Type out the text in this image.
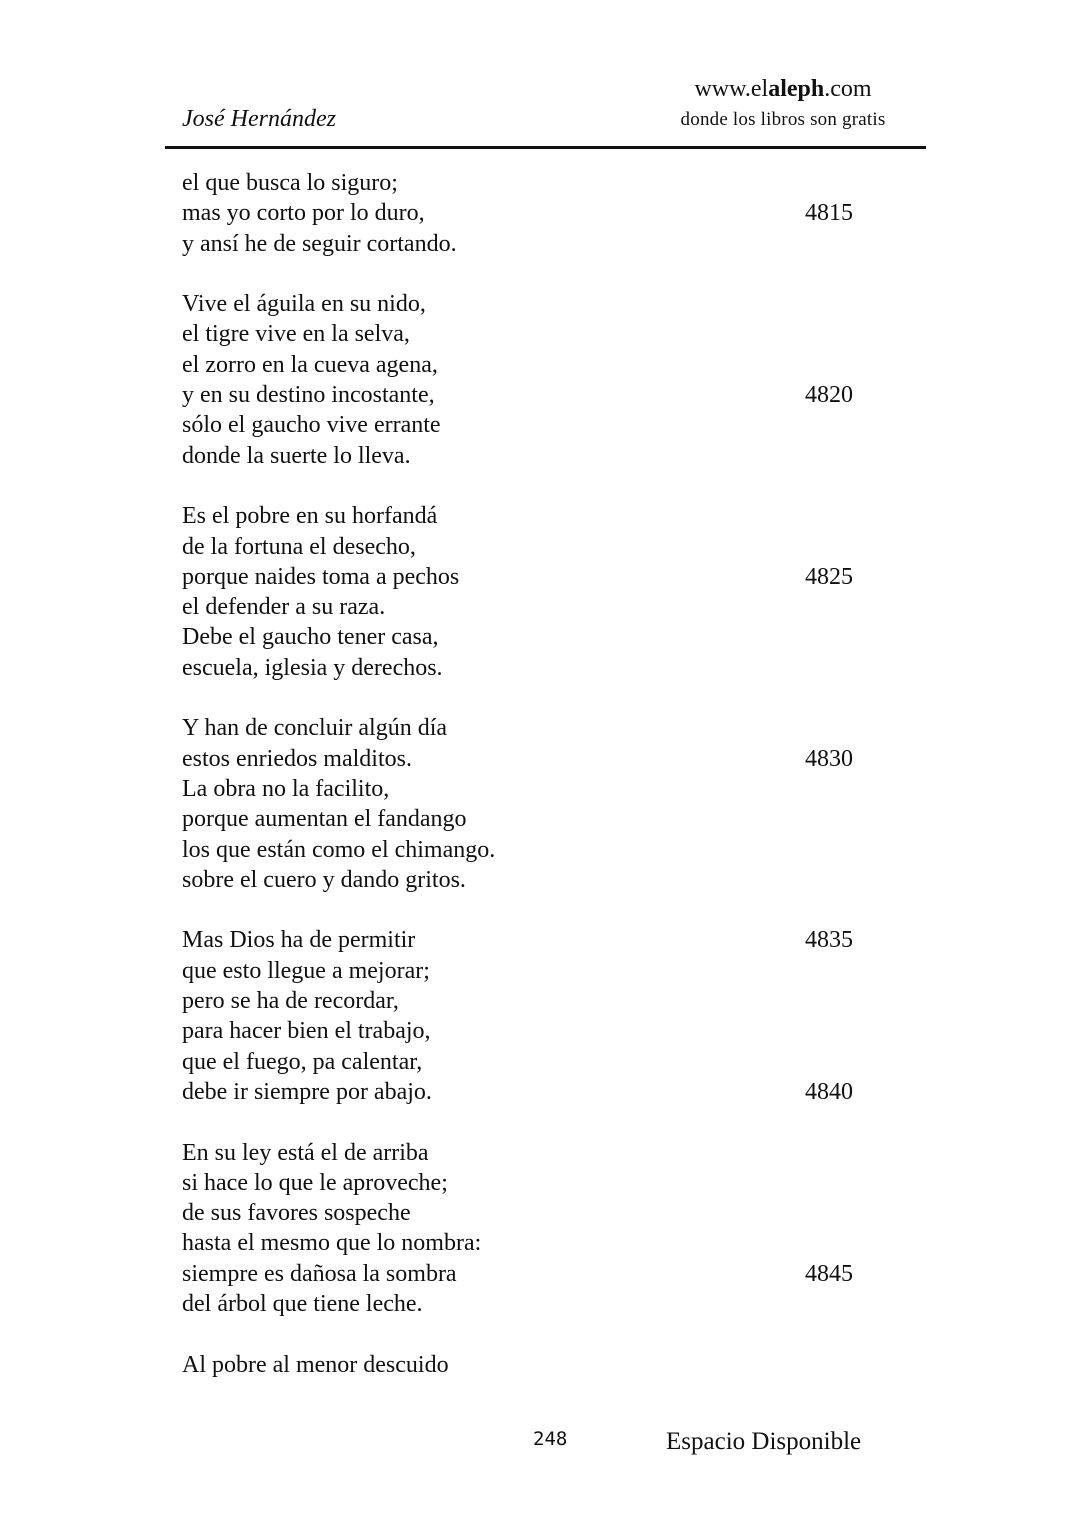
José Hernández
www.elaleph.com
donde los libros son gratis
el que busca lo siguro;
mas yo corto por lo duro,	4815
y ansí he de seguir cortando.
Vive el águila en su nido,
el tigre vive en la selva,
el zorro en la cueva agena,
y en su destino incostante,	4820
sólo el gaucho vive errante
donde la suerte lo lleva.
Es el pobre en su horfandá
de la fortuna el desecho,
porque naides toma a pechos	4825
el defender a su raza.
Debe el gaucho tener casa,
escuela, iglesia y derechos.
Y han de concluir algún día
estos enriedos malditos.	4830
La obra no la facilito,
porque aumentan el fandango
los que están como el chimango.
sobre el cuero y dando gritos.
Mas Dios ha de permitir	4835
que esto llegue a mejorar;
pero se ha de recordar,
para hacer bien el trabajo,
que el fuego, pa calentar,
debe ir siempre por abajo.	4840
En su ley está el de arriba
si hace lo que le aproveche;
de sus favores sospeche
hasta el mesmo que lo nombra:
siempre es dañosa la sombra	4845
del árbol que tiene leche.
Al pobre al menor descuido
248	Espacio Disponible
